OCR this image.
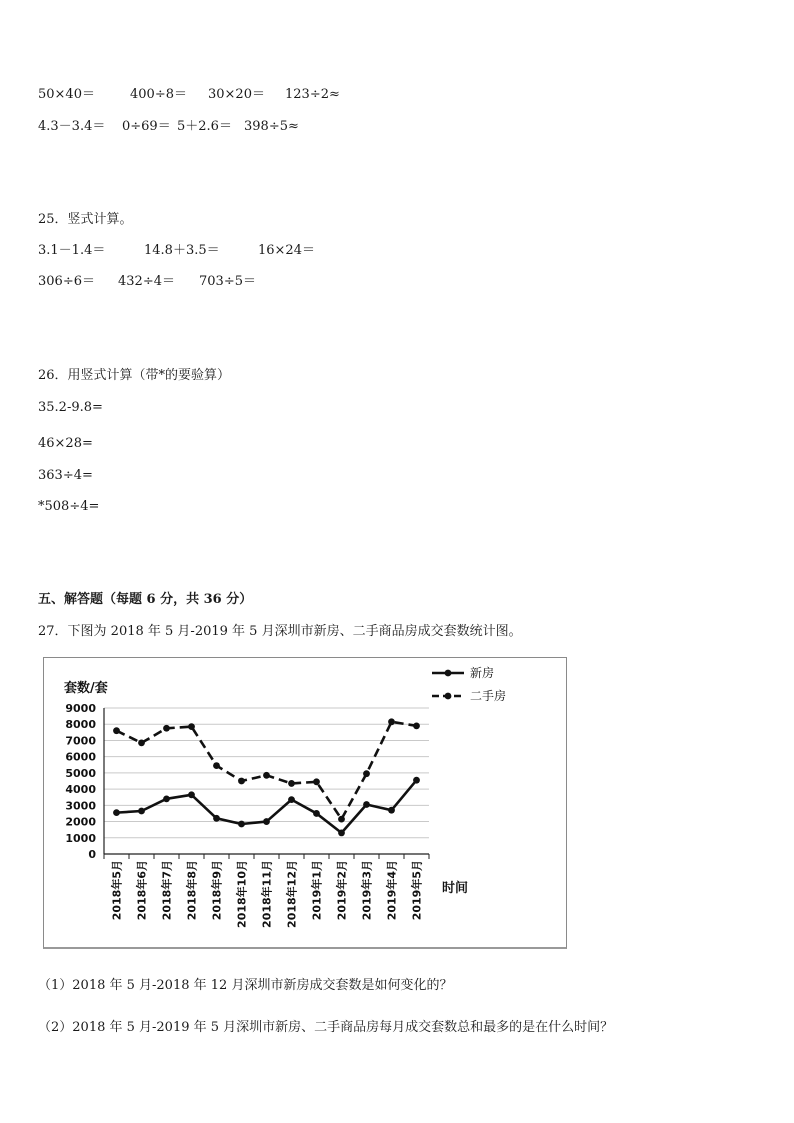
50×40＝	400÷8＝ 30×20＝ 123÷2≈
4.3－3.4＝ 0÷69＝ 5＋2.6＝ 398÷5≈
25．竖式计算。
3.1－1.4＝	14.8＋3.5＝	16×24＝
306÷6＝ 432÷4＝ 703÷5＝
26．用竖式计算（带*的要验算）
35.2-9.8=
46×28=
363÷4=
*508÷4=
五、解答题（每题 6 分，共 36 分）
27．下图为 2018 年 5 月-2019 年 5 月深圳市新房、二手商品房成交套数统计图。
0
1000
2000
3000
4000
5000
6000
7000
8000
9000
2018年5月 2018年6月 2018年7月 2018年8月 2018年9月 2018年10月 2018年11月 2018年12月 2019年1月 2019年2月 2019年3月 2019年4月 2019年5月
套数/套
时间
新房
二手房
（1）2018 年 5 月-2018 年 12 月深圳市新房成交套数是如何变化的？
（2）2018 年 5 月-2019 年 5 月深圳市新房、二手商品房每月成交套数总和最多的是在什么时间？
